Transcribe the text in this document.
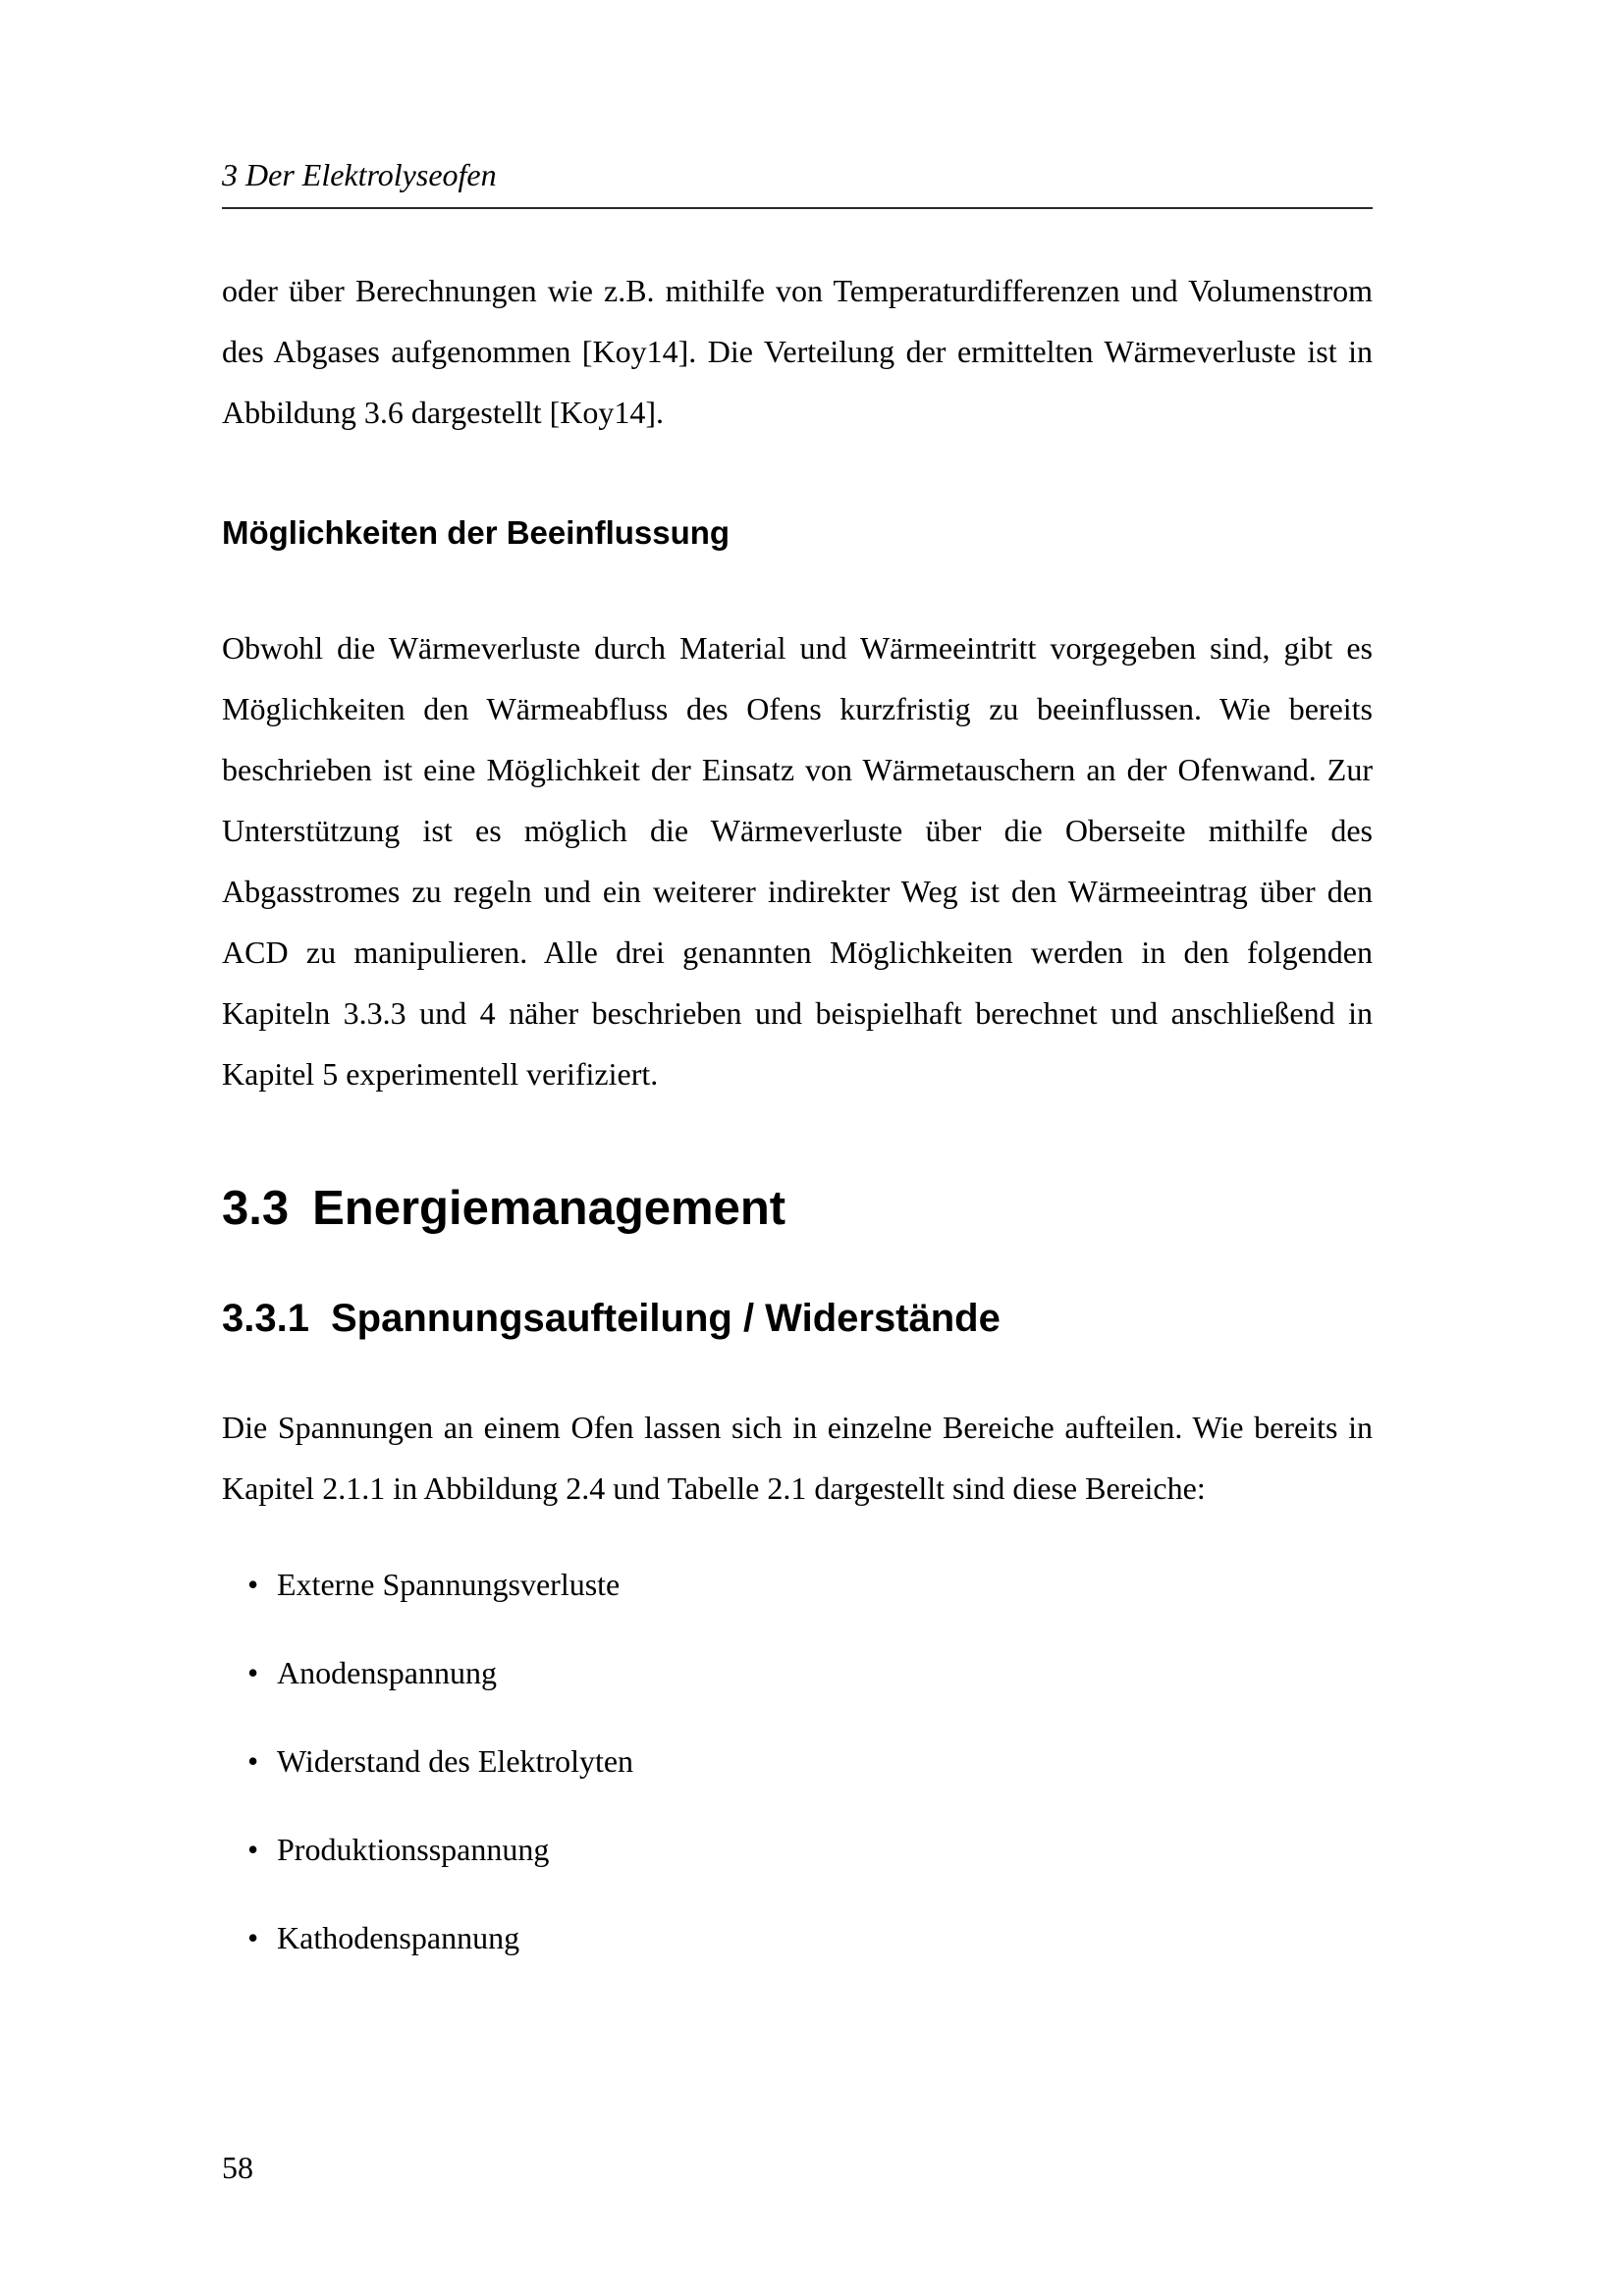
3 Der Elektrolyseofen

oder über Berechnungen wie z.B. mithilfe von Temperaturdifferenzen und Volumenstrom des Abgases aufgenommen [Koy14]. Die Verteilung der ermittelten Wärmeverluste ist in Abbildung 3.6 dargestellt [Koy14].

Möglichkeiten der Beeinflussung

Obwohl die Wärmeverluste durch Material und Wärmeeintritt vorgegeben sind, gibt es Möglichkeiten den Wärmeabfluss des Ofens kurzfristig zu beeinflussen. Wie bereits beschrieben ist eine Möglichkeit der Einsatz von Wärmetauschern an der Ofenwand. Zur Unterstützung ist es möglich die Wärmeverluste über die Oberseite mithilfe des Abgasstromes zu regeln und ein weiterer indirekter Weg ist den Wärmeeintrag über den ACD zu manipulieren. Alle drei genannten Möglichkeiten werden in den folgenden Kapiteln 3.3.3 und 4 näher beschrieben und beispielhaft berechnet und anschließend in Kapitel 5 experimentell verifiziert.

3.3 Energiemanagement
3.3.1 Spannungsaufteilung / Widerstände

Die Spannungen an einem Ofen lassen sich in einzelne Bereiche aufteilen. Wie bereits in Kapitel 2.1.1 in Abbildung 2.4 und Tabelle 2.1 dargestellt sind diese Bereiche:

• Externe Spannungsverluste
• Anodenspannung
• Widerstand des Elektrolyten
• Produktionsspannung
• Kathodenspannung
58
